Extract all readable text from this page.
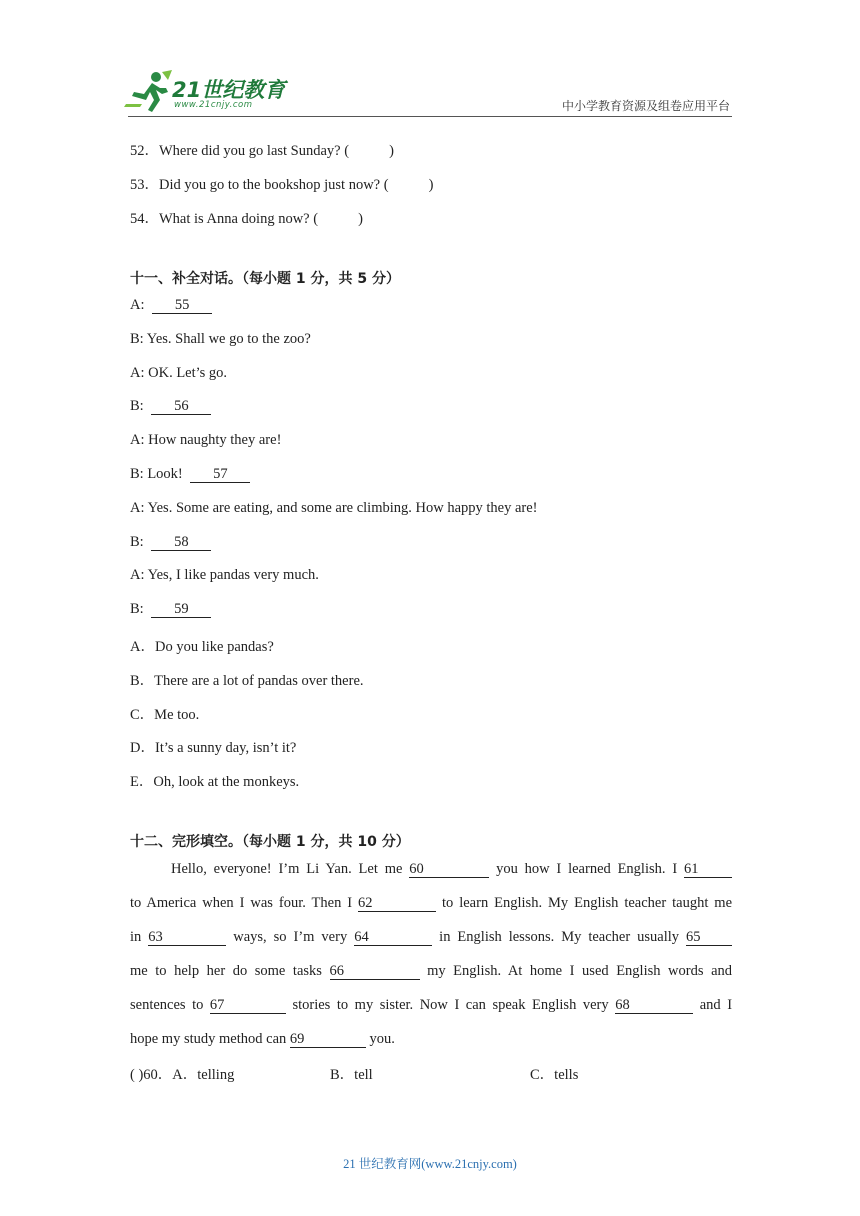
21世纪教育
www.21cnjy.com	中小学教育资源及组卷应用平台
52．Where did you go last Sunday? (	)
53．Did you go to the bookshop just now? (	)
54．What is Anna doing now? (	)
十一、补全对话。（每小题 1 分，共 5 分）
A: 55
B: Yes. Shall we go to the zoo?
A: OK. Let’s go.
B: 56
A: How naughty they are!
B: Look! 57
A: Yes. Some are eating, and some are climbing. How happy they are!
B: 58
A: Yes, I like pandas very much.
B: 59
A．Do you like pandas?
B．There are a lot of pandas over there.
C．Me too.
D．It’s a sunny day, isn’t it?
E．Oh, look at the monkeys.
十二、完形填空。（每小题 1 分，共 10 分）
Hello, everyone! I’m Li Yan. Let me 60	you how I learned English. I 61
to America when I was four. Then I 62	to learn English. My English teacher taught me
in 63	ways, so I’m very 64	in English lessons. My teacher usually 65
me to help her do some tasks 66	my English. At home I used English words and
sentences to 67	stories to my sister. Now I can speak English very 68	and I
hope my study method can 69	you.
( )60．A．telling	B．tell	C．tells
21 世纪教育网(www.21cnjy.com)
